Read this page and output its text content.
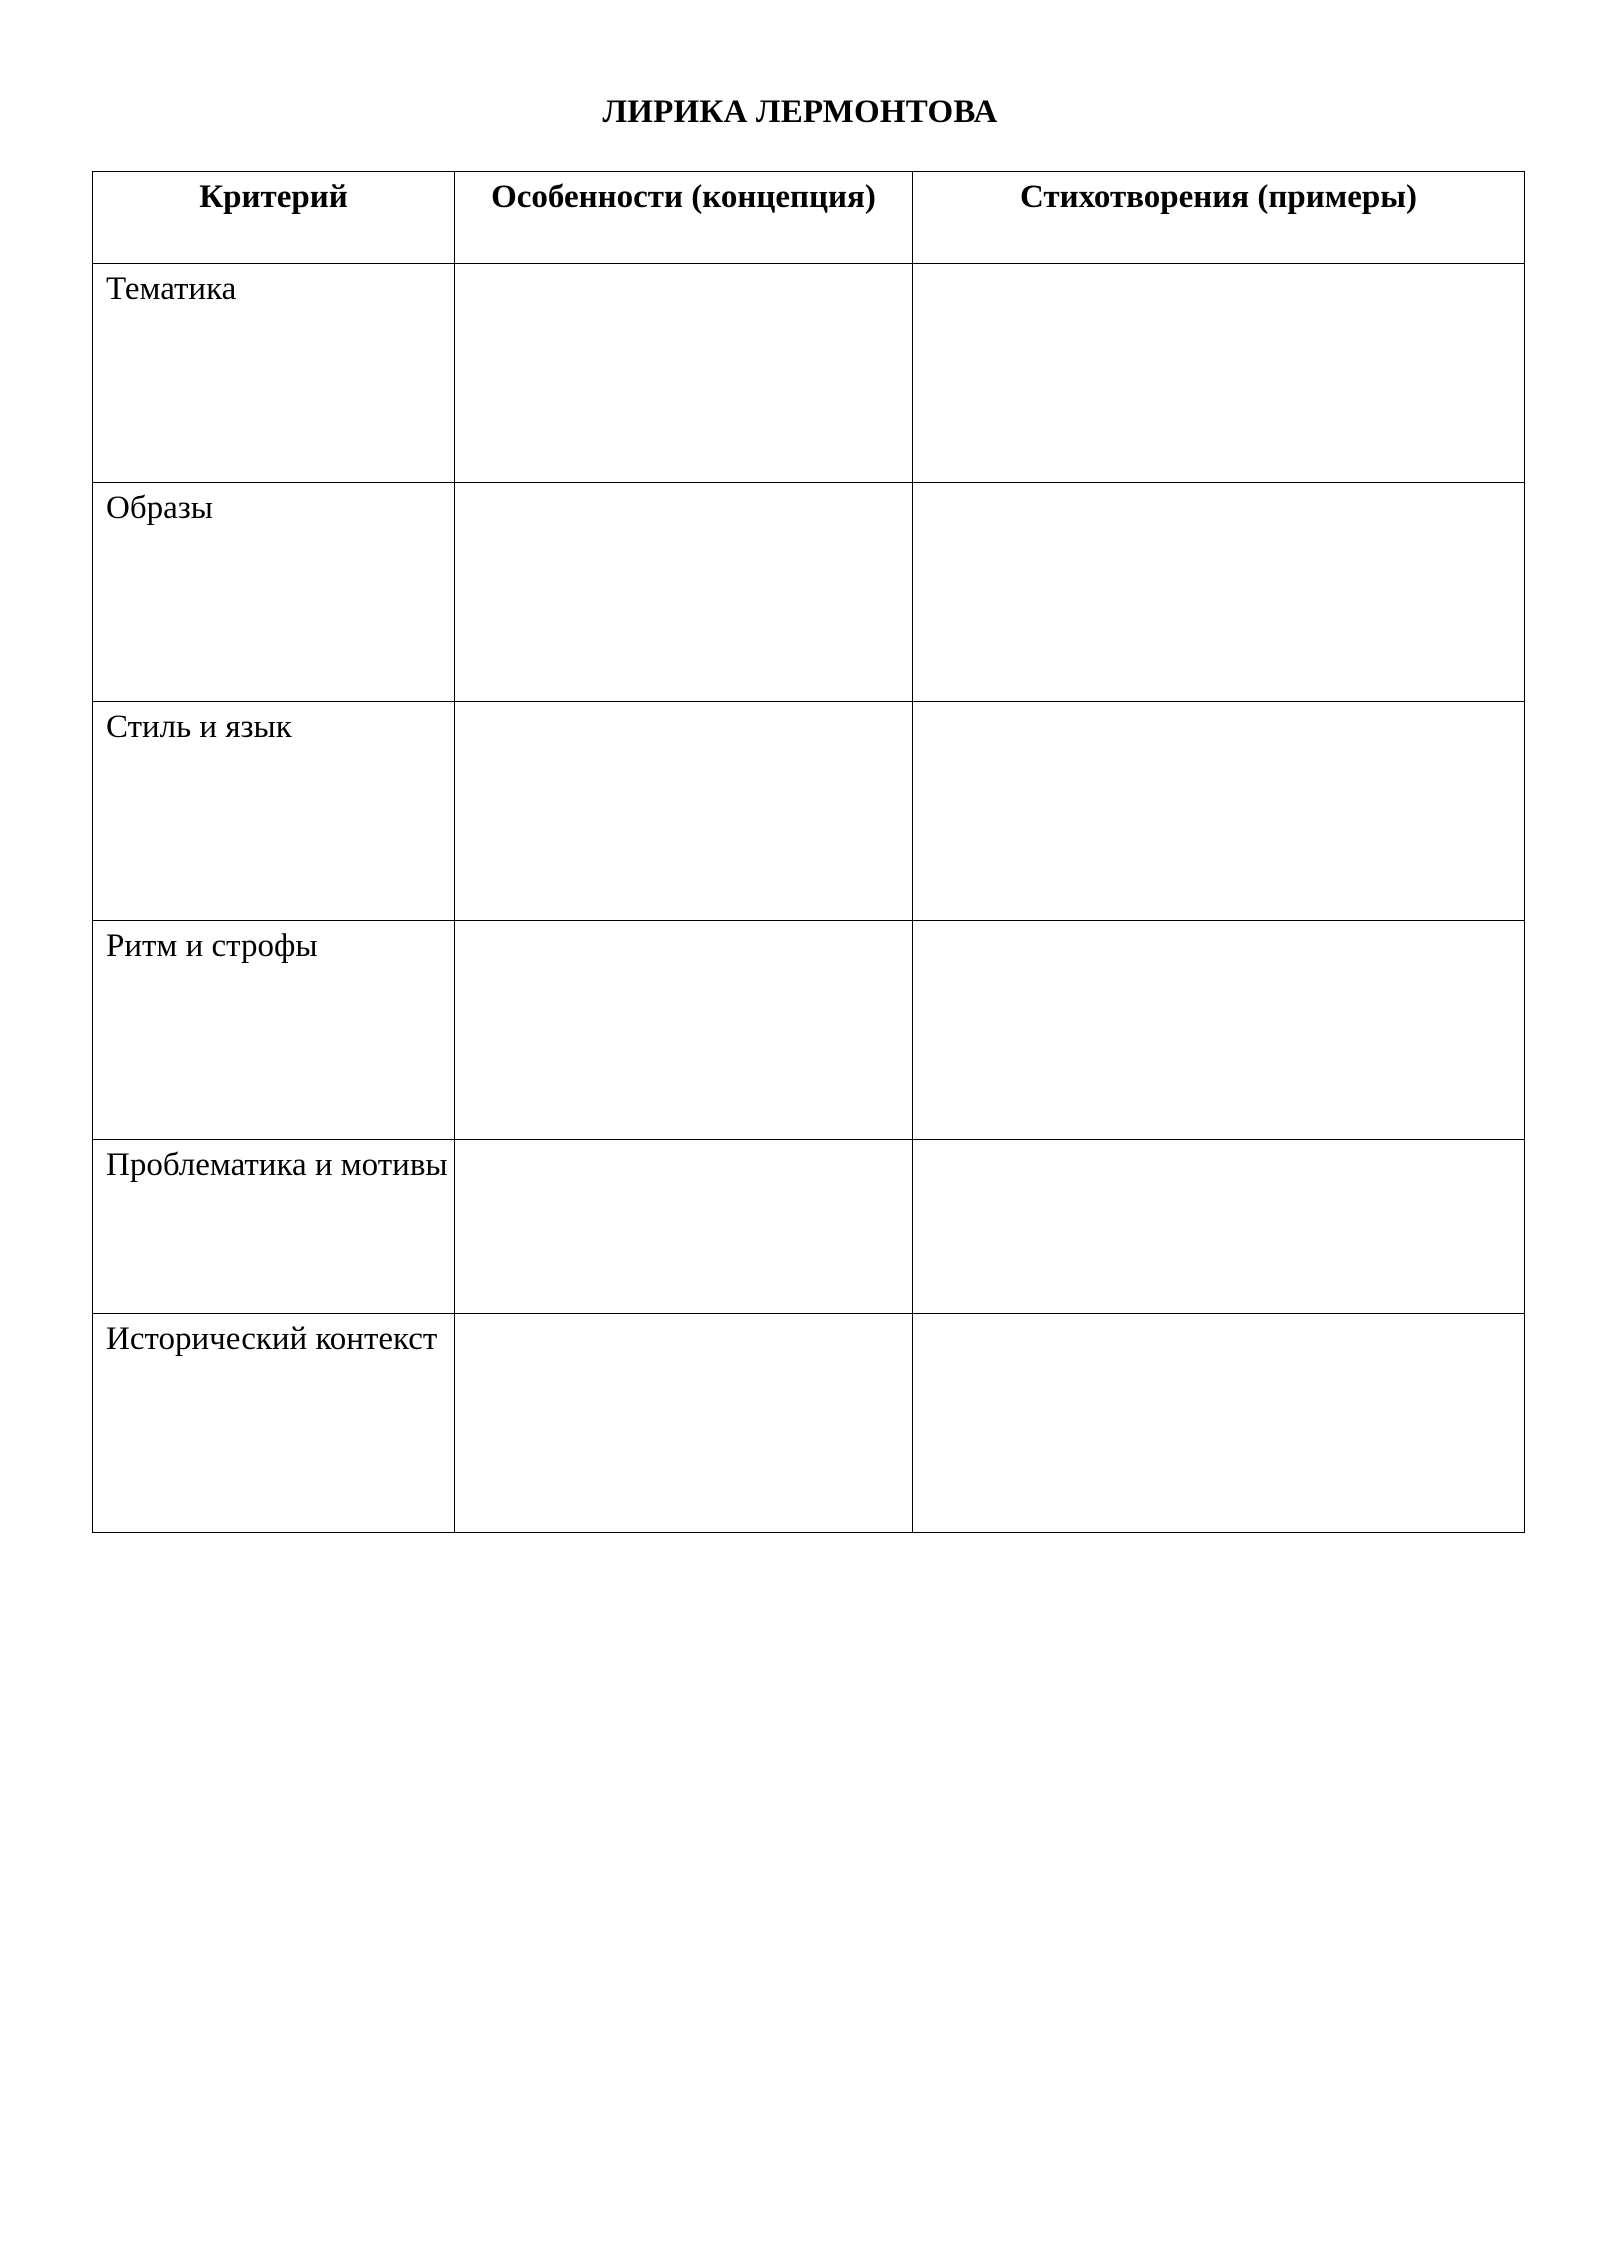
ЛИРИКА ЛЕРМОНТОВА
Критерий	Особенности (концепция)	Стихотворения (примеры)
Тематика		
Образы		
Стиль и язык		
Ритм и строфы		
Проблематика и мотивы		
Исторический контекст		
